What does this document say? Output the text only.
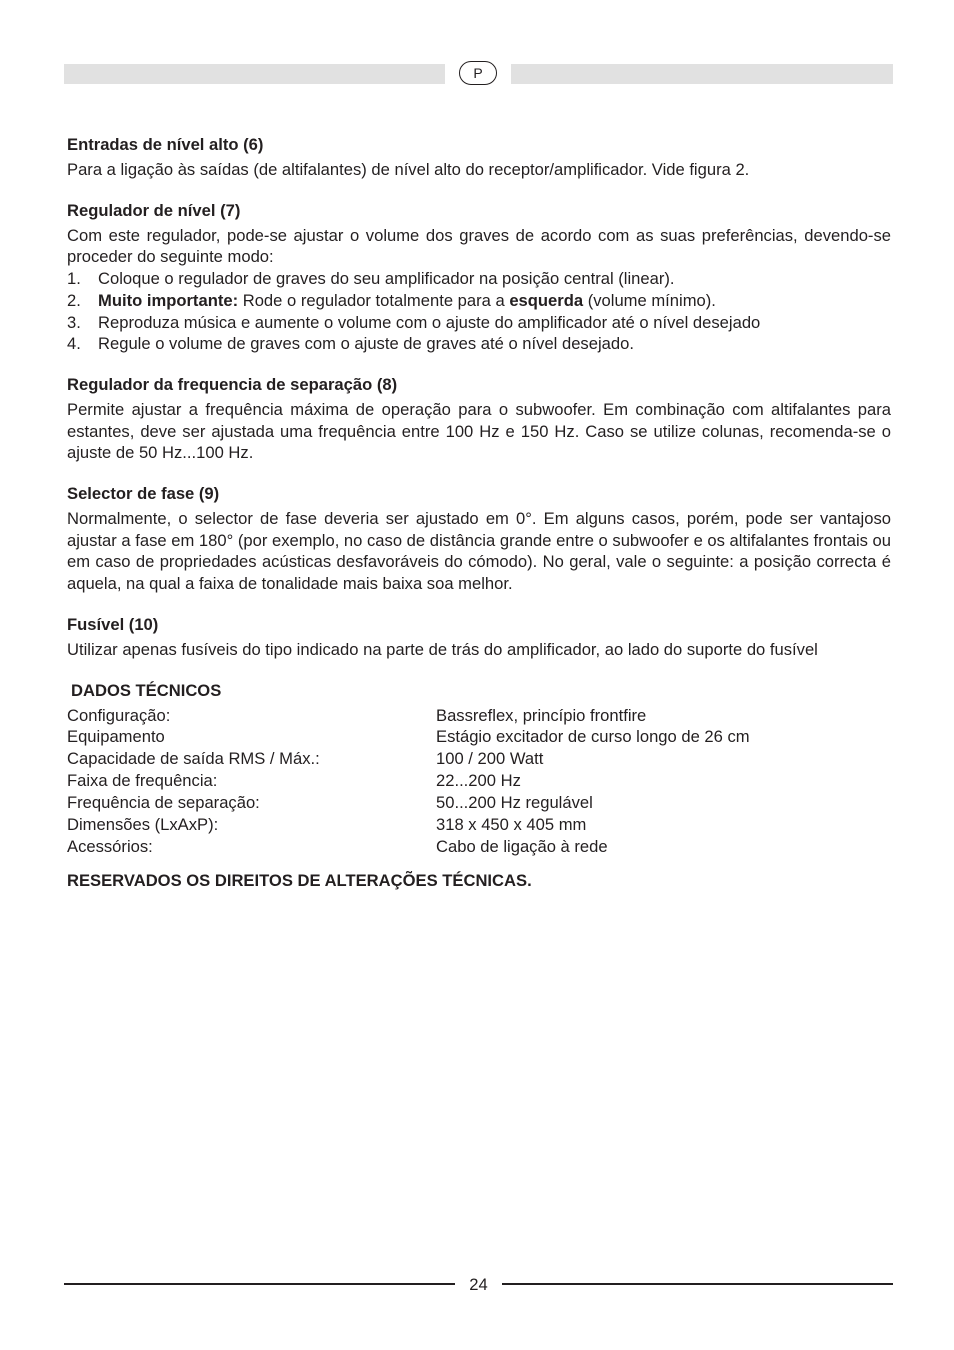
P
Entradas de nível alto (6)
Para a ligação às saídas (de altifalantes) de nível alto do receptor/amplificador. Vide figura 2.
Regulador de nível (7)
Com este regulador, pode-se ajustar o volume dos graves de acordo com as suas preferências, devendo-se proceder do seguinte modo:
1. Coloque o regulador de graves do seu amplificador na posição central (linear).
2. Muito importante: Rode o regulador totalmente para a esquerda (volume mínimo).
3. Reproduza música e aumente o volume com o ajuste do amplificador até o nível desejado
4. Regule o volume de graves com o ajuste de graves até o nível desejado.
Regulador da frequencia de separação (8)
Permite ajustar a frequência máxima de operação para o subwoofer. Em combinação com altifalantes para estantes, deve ser ajustada uma frequência entre 100 Hz e 150 Hz. Caso se utilize colunas, recomenda-se o ajuste de 50 Hz...100 Hz.
Selector de fase (9)
Normalmente, o selector de fase deveria ser ajustado em 0°. Em alguns casos, porém, pode ser vantajoso ajustar a fase em 180° (por exemplo, no caso de distância grande entre o subwoofer e os altifalantes frontais ou em caso de propriedades acústicas desfavoráveis do cómodo). No geral, vale o seguinte: a posição correcta é aquela, na qual a faixa de tonalidade mais baixa soa melhor.
Fusível (10)
Utilizar apenas fusíveis do tipo indicado na parte de trás do amplificador, ao lado do suporte do fusível
DADOS TÉCNICOS
Configuração:	Bassreflex, princípio frontfire
Equipamento	Estágio excitador de curso longo de 26 cm
Capacidade de saída RMS / Máx.:	100 / 200 Watt
Faixa de frequência:	22...200 Hz
Frequência de separação:	50...200 Hz regulável
Dimensões (LxAxP):	318 x 450 x 405 mm
Acessórios:	Cabo de ligação à rede
RESERVADOS OS DIREITOS DE ALTERAÇÕES TÉCNICAS.
24
